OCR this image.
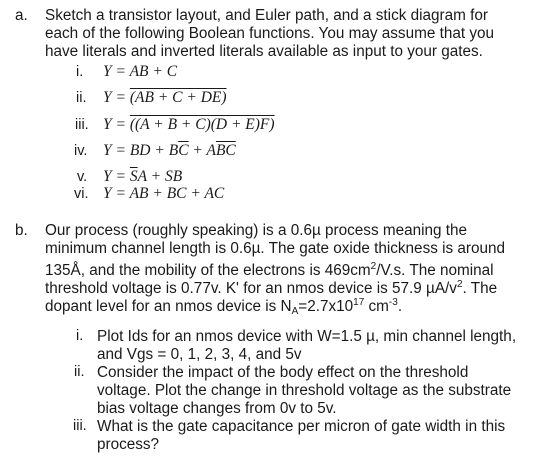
a. Sketch a transistor layout, and Euler path, and a stick diagram for
each of the following Boolean functions. You may assume that you
have literals and inverted literals available as input to your gates.
i. Y = AB + C
ii. Y = (AB + C + DE)
iii. Y = ((A + B + C)(D + E)F)
iv. Y = BD + $B\overline{C} + A\overline{BC}$
v. $Y = \overline{S}A$ + SB
vi. Y = AB + BC + AC
b. Our process (roughly speaking) is a 0.6µ process meaning the
minimum channel length is 0.6µ. The gate oxide thickness is around
135Å, and the mobility of the electrons is $469cm^2/V.s$. The nominal
threshold voltage is 0.77v. K' for an nmos device is 57.9 $\mu A/v^2$. The
dopant level for an nmos device is $N_A=2.7x10^{17}$ $cm^{-3}$.
i. Plot Ids for an nmos device with W=1.5 µ, min channel length,
and Vgs = 0, 1, 2, 3, 4, and 5v
ii. Consider the impact of the body effect on the threshold
voltage. Plot the change in threshold voltage as the substrate
bias voltage changes from 0v to 5v.
iii. What is the gate capacitance per micron of gate width in this
process?
